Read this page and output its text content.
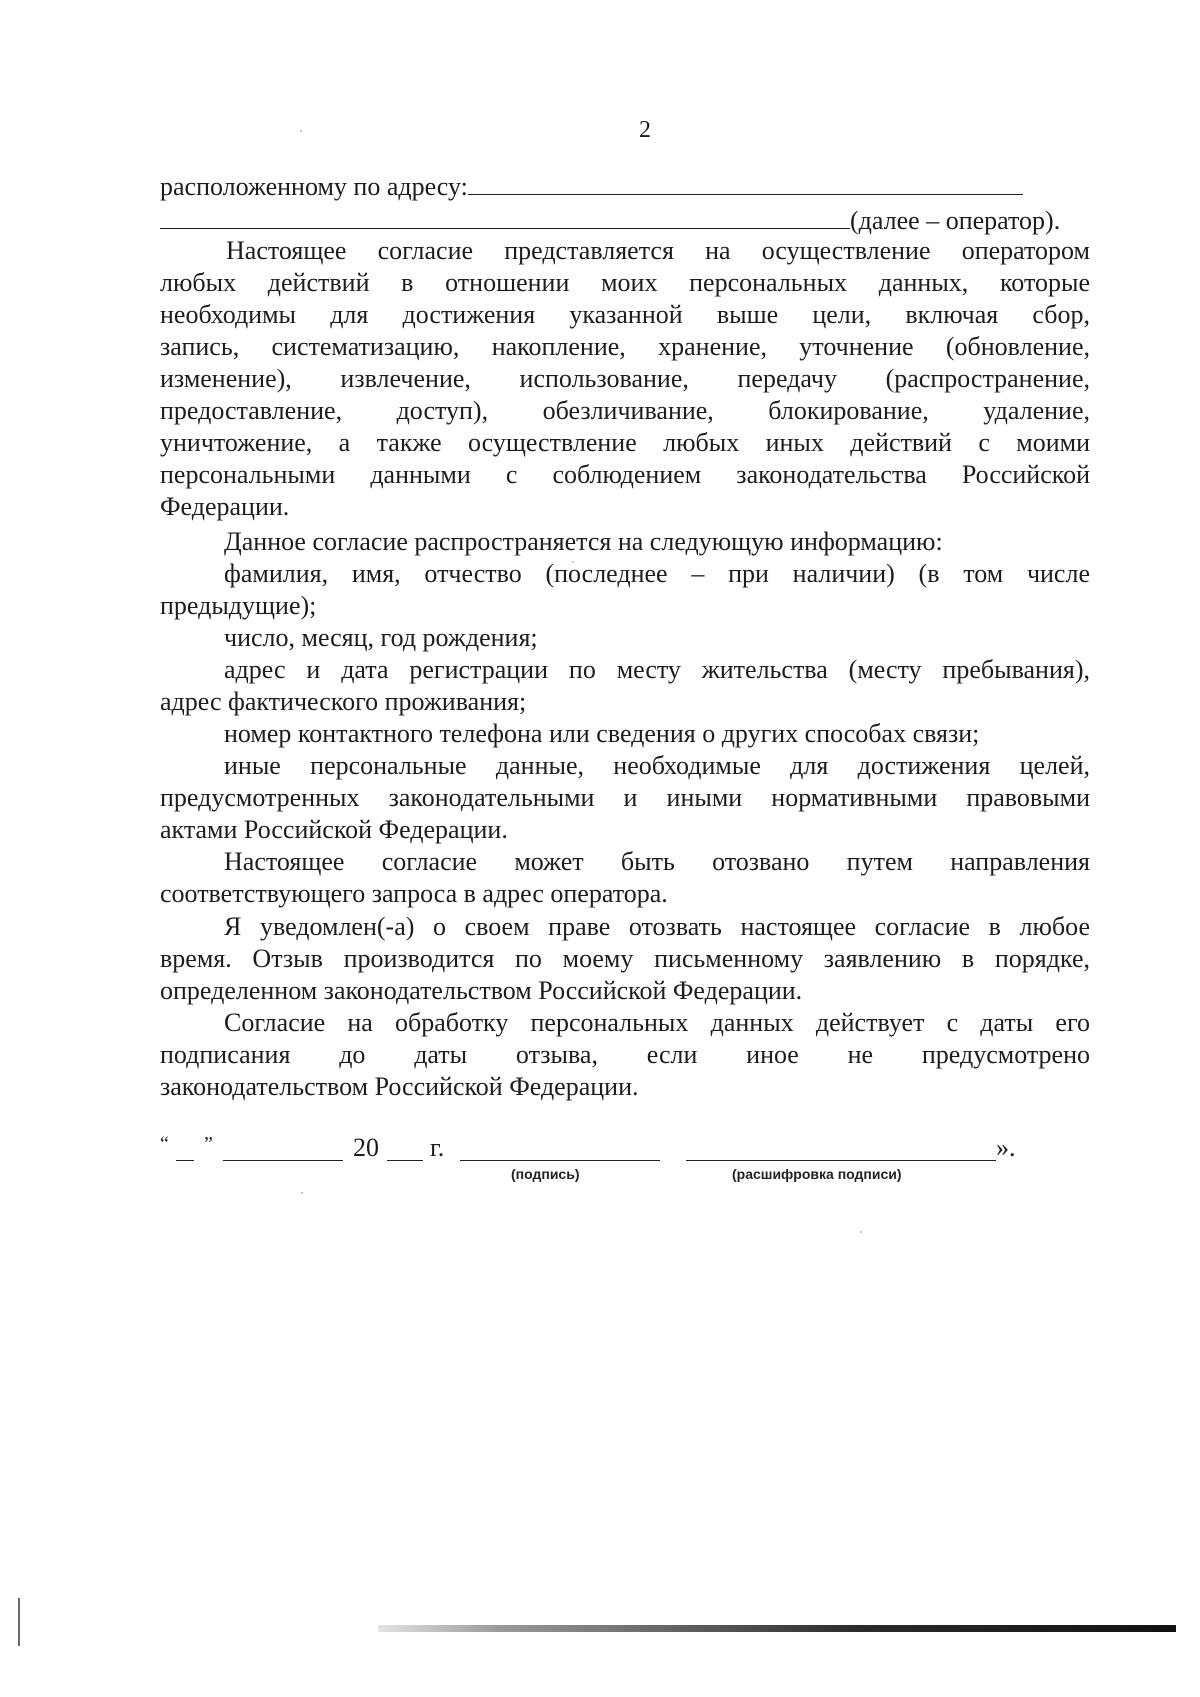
2
расположенному по адресу:
(далее – оператор).
Настоящее согласие представляется на осуществление оператором
любых действий в отношении моих персональных данных, которые
необходимы для достижения указанной выше цели, включая сбор,
запись, систематизацию, накопление, хранение, уточнение (обновление,
изменение), извлечение, использование, передачу (распространение,
предоставление, доступ), обезличивание, блокирование, удаление,
уничтожение, а также осуществление любых иных действий с моими
персональными данными с соблюдением законодательства Российской
Федерации.
Данное согласие распространяется на следующую информацию:
фамилия, имя, отчество (последнее – при наличии) (в том числе
предыдущие);
число, месяц, год рождения;
адрес и дата регистрации по месту жительства (месту пребывания),
адрес фактического проживания;
номер контактного телефона или сведения о других способах связи;
иные персональные данные, необходимые для достижения целей,
предусмотренных законодательными и иными нормативными правовыми
актами Российской Федерации.
Настоящее согласие может быть отозвано путем направления
соответствующего запроса в адрес оператора.
Я уведомлен(-а) о своем праве отозвать настоящее согласие в любое
время. Отзыв производится по моему письменному заявлению в порядке,
определенном законодательством Российской Федерации.
Согласие на обработку персональных данных действует с даты его
подписания до даты отзыва, если иное не предусмотрено
законодательством Российской Федерации.
“ ”	20 г.	».
(подпись)	(расшифровка подписи)
